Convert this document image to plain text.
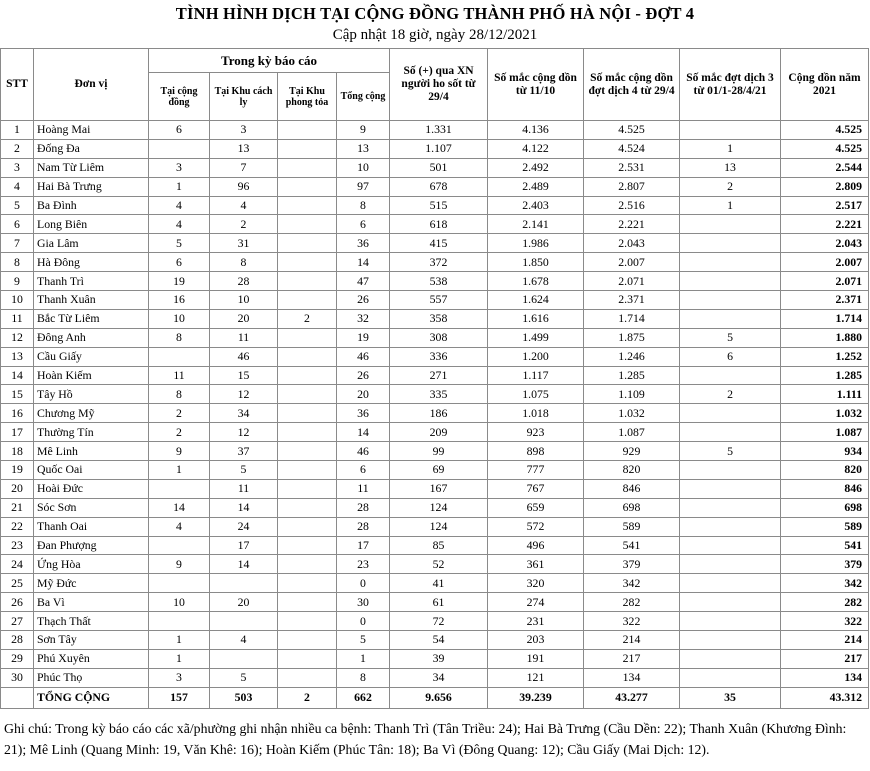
TÌNH HÌNH DỊCH TẠI CỘNG ĐỒNG THÀNH PHỐ HÀ NỘI - ĐỢT 4
Cập nhật 18 giờ, ngày 28/12/2021
STT	Đơn vị	Trong kỳ báo cáo				Số (+) qua XN người ho sốt từ 29/4	Số mắc cộng dồn từ 11/10	Số mắc cộng dồn đợt dịch 4 từ 29/4	Số mắc đợt dịch 3 từ 01/1-28/4/21	Cộng dồn năm 2021
		Tại cộng đồng	Tại Khu cách ly	Tại Khu phong tỏa	Tổng cộng					
1	Hoàng Mai	6	3		9	1.331	4.136	4.525		4.525
2	Đống Đa		13		13	1.107	4.122	4.524	1	4.525
3	Nam Từ Liêm	3	7		10	501	2.492	2.531	13	2.544
4	Hai Bà Trưng	1	96		97	678	2.489	2.807	2	2.809
5	Ba Đình	4	4		8	515	2.403	2.516	1	2.517
6	Long Biên	4	2		6	618	2.141	2.221		2.221
7	Gia Lâm	5	31		36	415	1.986	2.043		2.043
8	Hà Đông	6	8		14	372	1.850	2.007		2.007
9	Thanh Trì	19	28		47	538	1.678	2.071		2.071
10	Thanh Xuân	16	10		26	557	1.624	2.371		2.371
11	Bắc Từ Liêm	10	20	2	32	358	1.616	1.714		1.714
12	Đông Anh	8	11		19	308	1.499	1.875	5	1.880
13	Cầu Giấy		46		46	336	1.200	1.246	6	1.252
14	Hoàn Kiếm	11	15		26	271	1.117	1.285		1.285
15	Tây Hồ	8	12		20	335	1.075	1.109	2	1.111
16	Chương Mỹ	2	34		36	186	1.018	1.032		1.032
17	Thường Tín	2	12		14	209	923	1.087		1.087
18	Mê Linh	9	37		46	99	898	929	5	934
19	Quốc Oai	1	5		6	69	777	820		820
20	Hoài Đức		11		11	167	767	846		846
21	Sóc Sơn	14	14		28	124	659	698		698
22	Thanh Oai	4	24		28	124	572	589		589
23	Đan Phượng		17		17	85	496	541		541
24	Ứng Hòa	9	14		23	52	361	379		379
25	Mỹ Đức				0	41	320	342		342
26	Ba Vì	10	20		30	61	274	282		282
27	Thạch Thất				0	72	231	322		322
28	Sơn Tây	1	4		5	54	203	214		214
29	Phú Xuyên	1			1	39	191	217		217
30	Phúc Thọ	3	5		8	34	121	134		134
	TỔNG CỘNG	157	503	2	662	9.656	39.239	43.277	35	43.312
Ghi chú: Trong kỳ báo cáo các xã/phường ghi nhận nhiều ca bệnh: Thanh Trì (Tân Triều: 24); Hai Bà Trưng (Cầu Dền: 22); Thanh Xuân (Khương Đình: 21); Mê Linh (Quang Minh: 19, Văn Khê: 16); Hoàn Kiếm (Phúc Tân: 18); Ba Vì (Đông Quang: 12); Cầu Giấy (Mai Dịch: 12).
